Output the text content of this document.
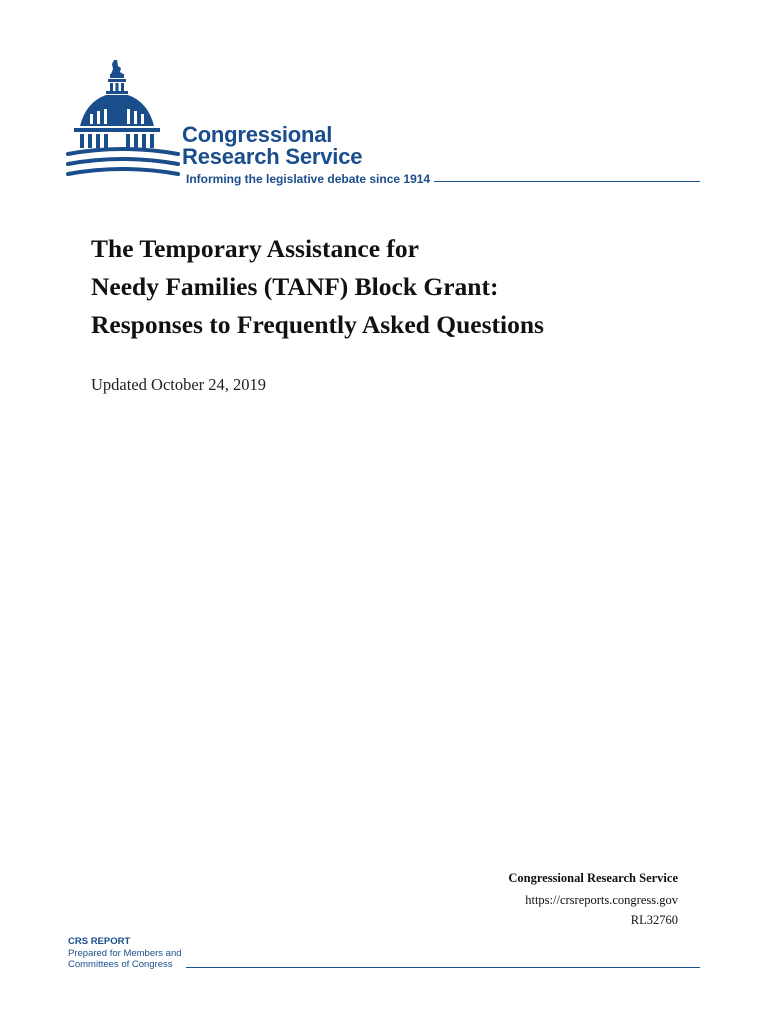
Congressional
Research Service
Informing the legislative debate since 1914
The Temporary Assistance for
Needy Families (TANF) Block Grant:
Responses to Frequently Asked Questions
Updated October 24, 2019
Congressional Research Service
https://crsreports.congress.gov
RL32760
CRS REPORT
Prepared for Members and
Committees of Congress
